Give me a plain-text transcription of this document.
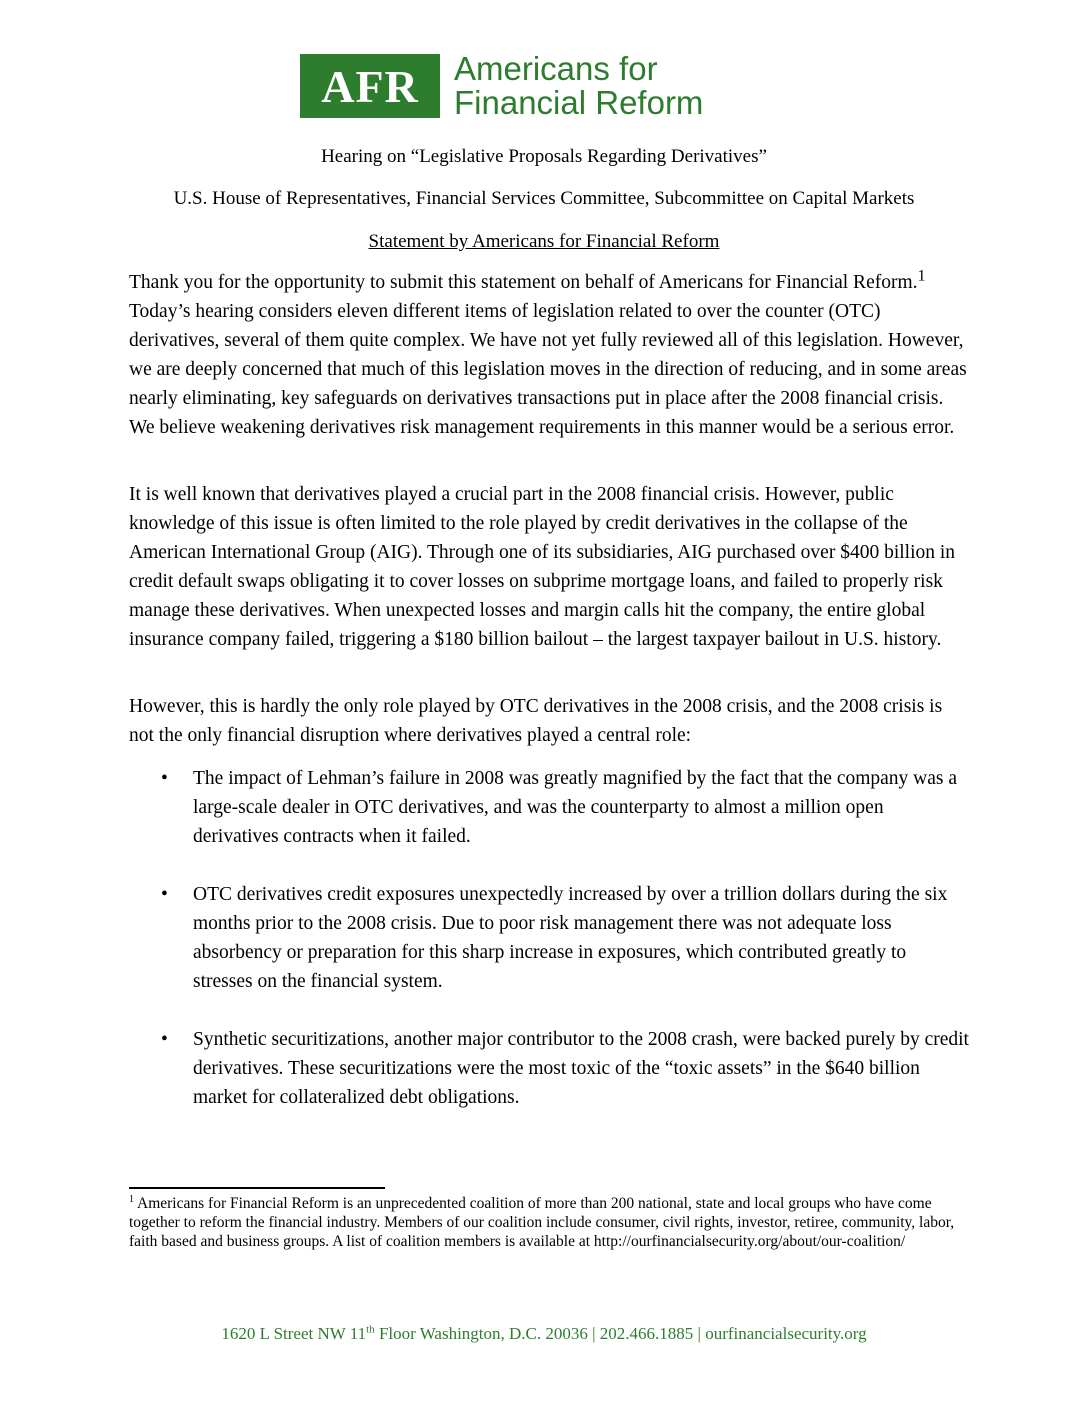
AFR	Americans for
Financial Reform
Hearing on “Legislative Proposals Regarding Derivatives”
U.S. House of Representatives, Financial Services Committee, Subcommittee on Capital Markets
Statement by Americans for Financial Reform

Thank you for the opportunity to submit this statement on behalf of Americans for Financial Reform.$^1$ Today’s hearing considers eleven different items of legislation related to over the counter (OTC) derivatives, several of them quite complex. We have not yet fully reviewed all of this legislation. However, we are deeply concerned that much of this legislation moves in the direction of reducing, and in some areas nearly eliminating, key safeguards on derivatives transactions put in place after the 2008 financial crisis. We believe weakening derivatives risk management requirements in this manner would be a serious error.

It is well known that derivatives played a crucial part in the 2008 financial crisis. However, public knowledge of this issue is often limited to the role played by credit derivatives in the collapse of the American International Group (AIG). Through one of its subsidiaries, AIG purchased over $400 billion in credit default swaps obligating it to cover losses on subprime mortgage loans, and failed to properly risk manage these derivatives. When unexpected losses and margin calls hit the company, the entire global insurance company failed, triggering a $180 billion bailout – the largest taxpayer bailout in U.S. history.

However, this is hardly the only role played by OTC derivatives in the 2008 crisis, and the 2008 crisis is not the only financial disruption where derivatives played a central role:

• The impact of Lehman’s failure in 2008 was greatly magnified by the fact that the company was a large-scale dealer in OTC derivatives, and was the counterparty to almost a million open derivatives contracts when it failed.
• OTC derivatives credit exposures unexpectedly increased by over a trillion dollars during the six months prior to the 2008 crisis. Due to poor risk management there was not adequate loss absorbency or preparation for this sharp increase in exposures, which contributed greatly to stresses on the financial system.
• Synthetic securitizations, another major contributor to the 2008 crash, were backed purely by credit derivatives. These securitizations were the most toxic of the “toxic assets” in the $640 billion market for collateralized debt obligations.
$^1$ Americans for Financial Reform is an unprecedented coalition of more than 200 national, state and local groups who have come together to reform the financial industry. Members of our coalition include consumer, civil rights, investor, retiree, community, labor, faith based and business groups. A list of coalition members is available at http://ourfinancialsecurity.org/about/our-coalition/
1620 L Street NW 11th Floor Washington, D.C. 20036 | 202.466.1885 | ourfinancialsecurity.org
